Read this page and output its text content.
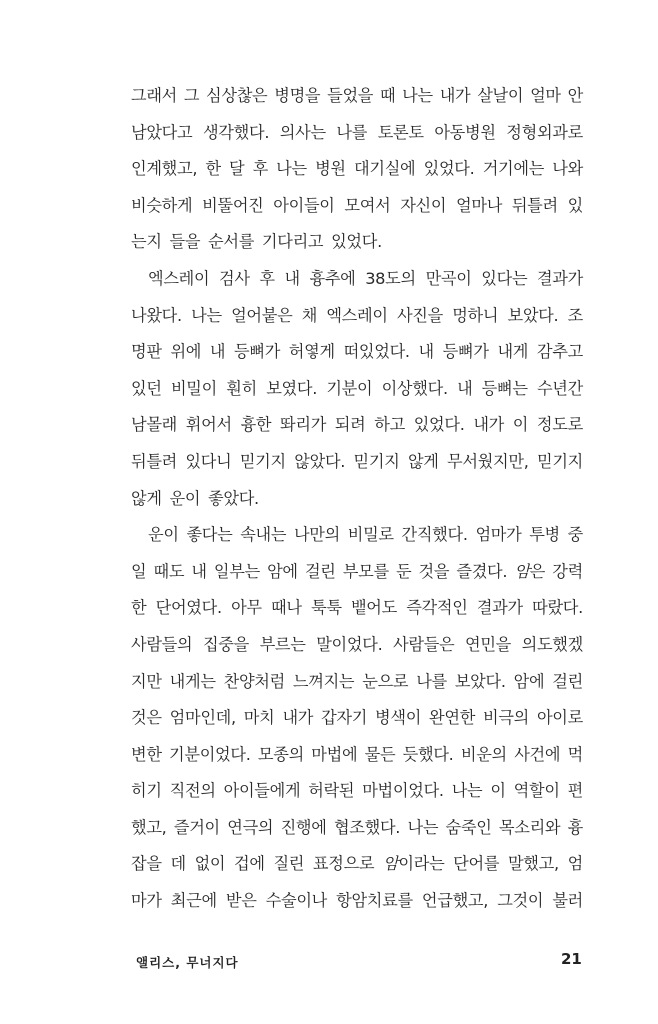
그래서 그 심상찮은 병명을 들었을 때 나는 내가 살날이 얼마 안
남았다고 생각했다. 의사는 나를 토론토 아동병원 정형외과로
인계했고, 한 달 후 나는 병원 대기실에 있었다. 거기에는 나와
비슷하게 비뚤어진 아이들이 모여서 자신이 얼마나 뒤틀려 있
는지 들을 순서를 기다리고 있었다.
엑스레이 검사 후 내 흉추에 38도의 만곡이 있다는 결과가
나왔다. 나는 얼어붙은 채 엑스레이 사진을 멍하니 보았다. 조
명판 위에 내 등뼈가 허옇게 떠있었다. 내 등뼈가 내게 감추고
있던 비밀이 훤히 보였다. 기분이 이상했다. 내 등뼈는 수년간
남몰래 휘어서 흉한 똬리가 되려 하고 있었다. 내가 이 정도로
뒤틀려 있다니 믿기지 않았다. 믿기지 않게 무서웠지만, 믿기지
않게 운이 좋았다.
운이 좋다는 속내는 나만의 비밀로 간직했다. 엄마가 투병 중
일 때도 내 일부는 암에 걸린 부모를 둔 것을 즐겼다. 암은 강력
한 단어였다. 아무 때나 툭툭 뱉어도 즉각적인 결과가 따랐다.
사람들의 집중을 부르는 말이었다. 사람들은 연민을 의도했겠
지만 내게는 찬양처럼 느껴지는 눈으로 나를 보았다. 암에 걸린
것은 엄마인데, 마치 내가 갑자기 병색이 완연한 비극의 아이로
변한 기분이었다. 모종의 마법에 물든 듯했다. 비운의 사건에 먹
히기 직전의 아이들에게 허락된 마법이었다. 나는 이 역할이 편
했고, 즐거이 연극의 진행에 협조했다. 나는 숨죽인 목소리와 흉
잡을 데 없이 겁에 질린 표정으로 암이라는 단어를 말했고, 엄
마가 최근에 받은 수술이나 항암치료를 언급했고, 그것이 불러
앨리스, 무너지다	21
